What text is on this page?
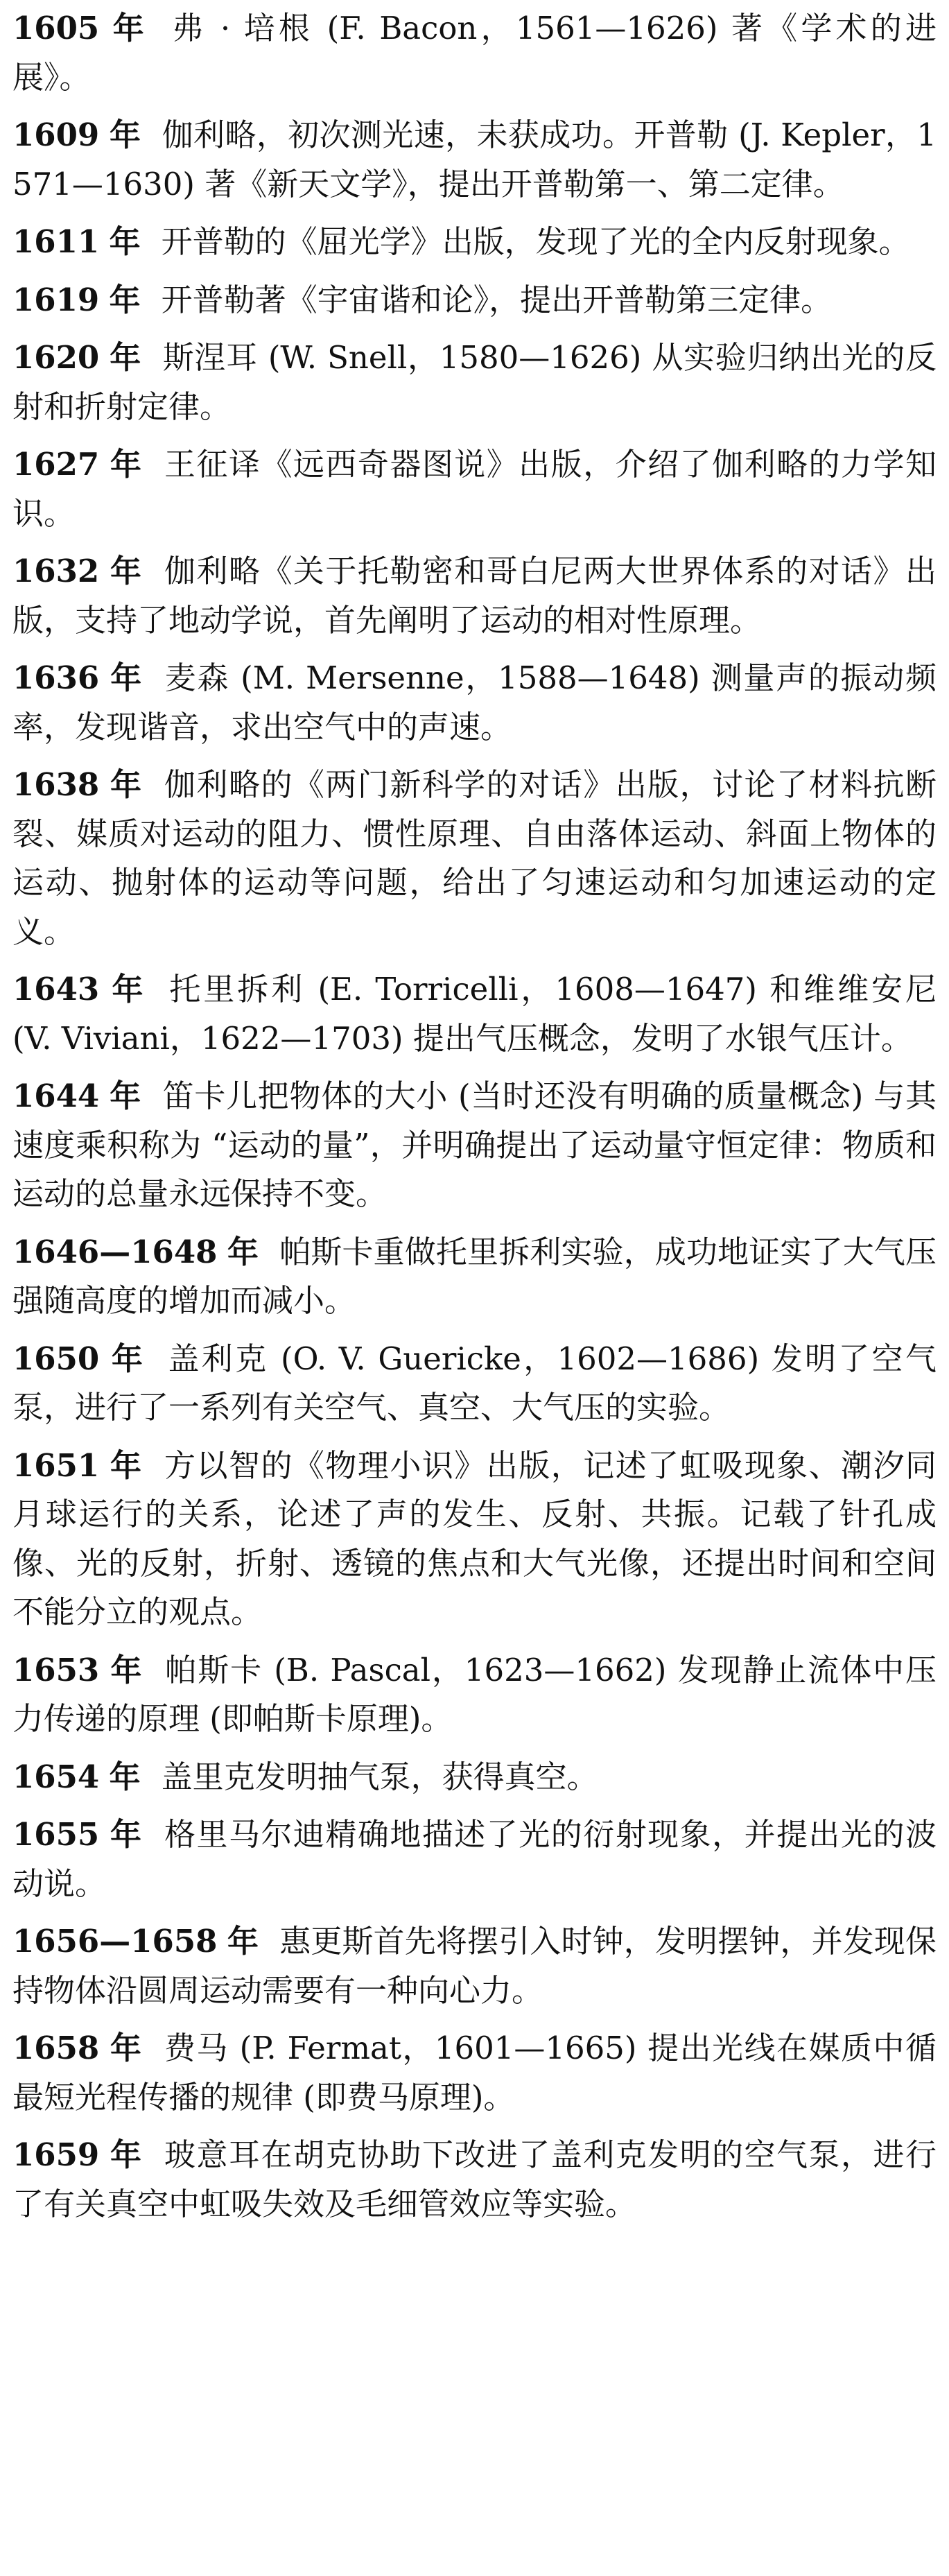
1605 年 弗 · 培根 (F. Bacon，1561—1626) 著《学术的进展》。

1609 年 伽利略，初次测光速，未获成功。开普勒 (J. Kepler，1571—1630) 著《新天文学》，提出开普勒第一、第二定律。

1611 年 开普勒的《屈光学》出版，发现了光的全内反射现象。

1619 年 开普勒著《宇宙谐和论》，提出开普勒第三定律。

1620 年 斯涅耳 (W. Snell，1580—1626) 从实验归纳出光的反射和折射定律。

1627 年 王征译《远西奇器图说》出版，介绍了伽利略的力学知识。

1632 年 伽利略《关于托勒密和哥白尼两大世界体系的对话》出版，支持了地动学说，首先阐明了运动的相对性原理。

1636 年 麦森 (M. Mersenne，1588—1648) 测量声的振动频率，发现谐音，求出空气中的声速。

1638 年 伽利略的《两门新科学的对话》出版，讨论了材料抗断裂、媒质对运动的阻力、惯性原理、自由落体运动、斜面上物体的运动、抛射体的运动等问题，给出了匀速运动和匀加速运动的定义。

1643 年 托里拆利 (E. Torricelli，1608—1647) 和维维安尼 (V. Viviani，1622—1703) 提出气压概念，发明了水银气压计。

1644 年 笛卡儿把物体的大小 (当时还没有明确的质量概念) 与其速度乘积称为 “运动的量”，并明确提出了运动量守恒定律：物质和运动的总量永远保持不变。

1646—1648 年 帕斯卡重做托里拆利实验，成功地证实了大气压强随高度的增加而减小。

1650 年 盖利克 (O. V. Guericke，1602—1686) 发明了空气泵，进行了一系列有关空气、真空、大气压的实验。

1651 年 方以智的《物理小识》出版，记述了虹吸现象、潮汐同月球运行的关系，论述了声的发生、反射、共振。记载了针孔成像、光的反射，折射、透镜的焦点和大气光像，还提出时间和空间不能分立的观点。

1653 年 帕斯卡 (B. Pascal，1623—1662) 发现静止流体中压力传递的原理 (即帕斯卡原理)。

1654 年 盖里克发明抽气泵，获得真空。

1655 年 格里马尔迪精确地描述了光的衍射现象，并提出光的波动说。

1656—1658 年 惠更斯首先将摆引入时钟，发明摆钟，并发现保持物体沿圆周运动需要有一种向心力。

1658 年 费马 (P. Fermat，1601—1665) 提出光线在媒质中循最短光程传播的规律 (即费马原理)。

1659 年 玻意耳在胡克协助下改进了盖利克发明的空气泵，进行了有关真空中虹吸失效及毛细管效应等实验。
